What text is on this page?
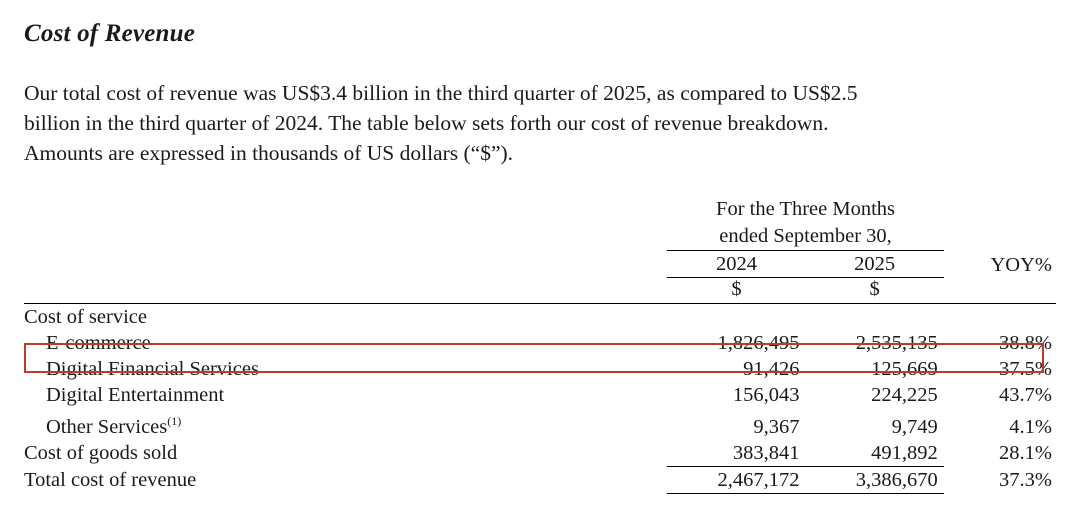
Cost of Revenue
Our total cost of revenue was US$3.4 billion in the third quarter of 2025, as compared to US$2.5
billion in the third quarter of 2024. The table below sets forth our cost of revenue breakdown.
Amounts are expressed in thousands of US dollars (“$”).
	For the Three Months		
	ended September 30,		
	2024	2025	YOY%
	$	$	
Cost of service			
E-commerce	1,826,495	2,535,135	38.8%
Digital Financial Services	91,426	125,669	37.5%
Digital Entertainment	156,043	224,225	43.7%
Other Services$^{(1)}$	9,367	9,749	4.1%
Cost of goods sold	383,841	491,892	28.1%
Total cost of revenue	2,467,172	3,386,670	37.3%
